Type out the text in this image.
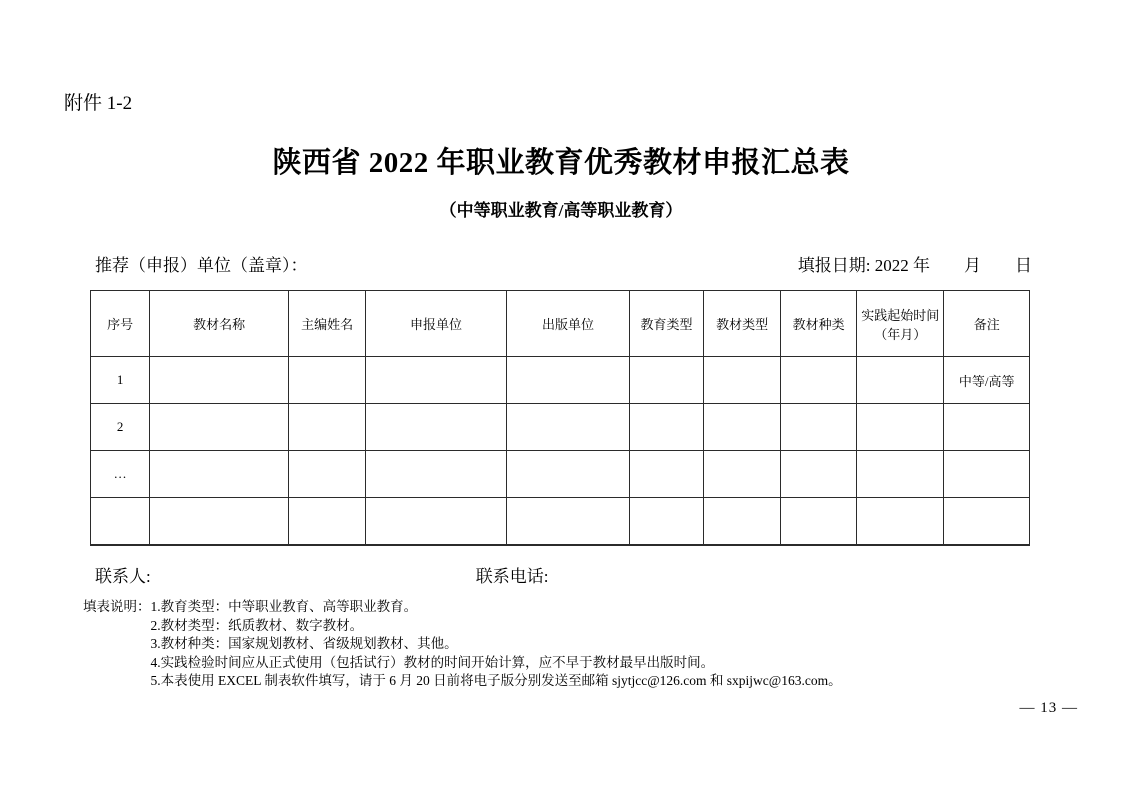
附件 1-2
陕西省 2022 年职业教育优秀教材申报汇总表
（中等职业教育/高等职业教育）
推荐（申报）单位（盖章）：	填报日期: 2022 年        月        日
序号	教材名称	主编姓名	申报单位	出版单位	教育类型	教材类型	教材种类	实践起始时间（年月）	备注
1									中等/高等
2									
…									

联系人:	联系电话:
填表说明： 1.教育类型：中等职业教育、高等职业教育。
2.教材类型：纸质教材、数字教材。
3.教材种类：国家规划教材、省级规划教材、其他。
4.实践检验时间应从正式使用（包括试行）教材的时间开始计算，应不早于教材最早出版时间。
5.本表使用 EXCEL 制表软件填写，请于 6 月 20 日前将电子版分别发送至邮箱 sjytjcc@126.com 和 sxpijwc@163.com。
— 13 —
